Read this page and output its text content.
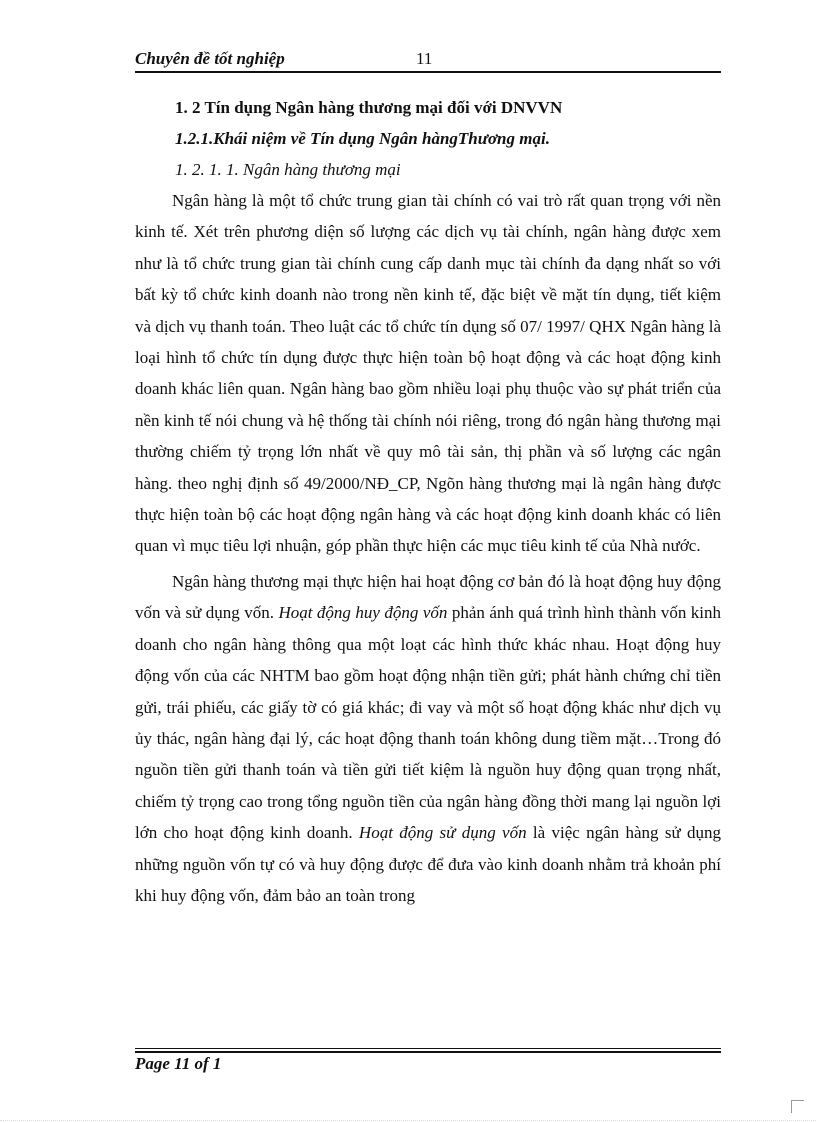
Chuyên đề tốt nghiệp	11

1. 2 Tín dụng Ngân hàng thương mại đối với DNVVN

1.2.1.Khái niệm về Tín dụng Ngân hàngThương mại.

1. 2. 1. 1. Ngân hàng thương mại

Ngân hàng là một tổ chức trung gian tài chính có vai trò rất quan trọng với nền kinh tế. Xét trên phương diện số lượng các dịch vụ tài chính, ngân hàng được xem như là tổ chức trung gian tài chính cung cấp danh mục tài chính đa dạng nhất so với bất kỳ tổ chức kinh doanh nào trong nền kinh tế, đặc biệt về mặt tín dụng, tiết kiệm và dịch vụ thanh toán. Theo luật các tổ chức tín dụng số 07/ 1997/ QHX Ngân hàng là loại hình tổ chức tín dụng được thực hiện toàn bộ hoạt động và các hoạt động kinh doanh khác liên quan. Ngân hàng bao gồm nhiều loại phụ thuộc vào sự phát triển của nền kinh tế nói chung và hệ thống tài chính nói riêng, trong đó ngân hàng thương mại thường chiếm tỷ trọng lớn nhất về quy mô tài sản, thị phần và số lượng các ngân hàng. theo nghị định số 49/2000/NĐ_CP, Ngõn hàng thương mại là ngân hàng được thực hiện toàn bộ các hoạt động ngân hàng và các hoạt động kinh doanh khác có liên quan vì mục tiêu lợi nhuận, góp phần thực hiện các mục tiêu kinh tế của Nhà nước.

Ngân hàng thương mại thực hiện hai hoạt động cơ bản đó là hoạt động huy động vốn và sử dụng vốn. Hoạt động huy động vốn phản ánh quá trình hình thành vốn kinh doanh cho ngân hàng thông qua một loạt các hình thức khác nhau. Hoạt động huy động vốn của các NHTM bao gồm hoạt động nhận tiền gửi; phát hành chứng chỉ tiền gửi, trái phiếu, các giấy tờ có giá khác; đi vay và một số hoạt động khác như dịch vụ ủy thác, ngân hàng đại lý, các hoạt động thanh toán không dung tiềm mặt…Trong đó nguồn tiền gửi thanh toán và tiền gửi tiết kiệm là nguồn huy động quan trọng nhất, chiếm tỷ trọng cao trong tổng nguồn tiền của ngân hàng đồng thời mang lại nguồn lợi lớn cho hoạt động kinh doanh. Hoạt động sử dụng vốn là việc ngân hàng sử dụng những nguồn vốn tự có và huy động được để đưa vào kinh doanh nhằm trả khoản phí khi huy động vốn, đảm bảo an toàn trong

Page 11 of 1
